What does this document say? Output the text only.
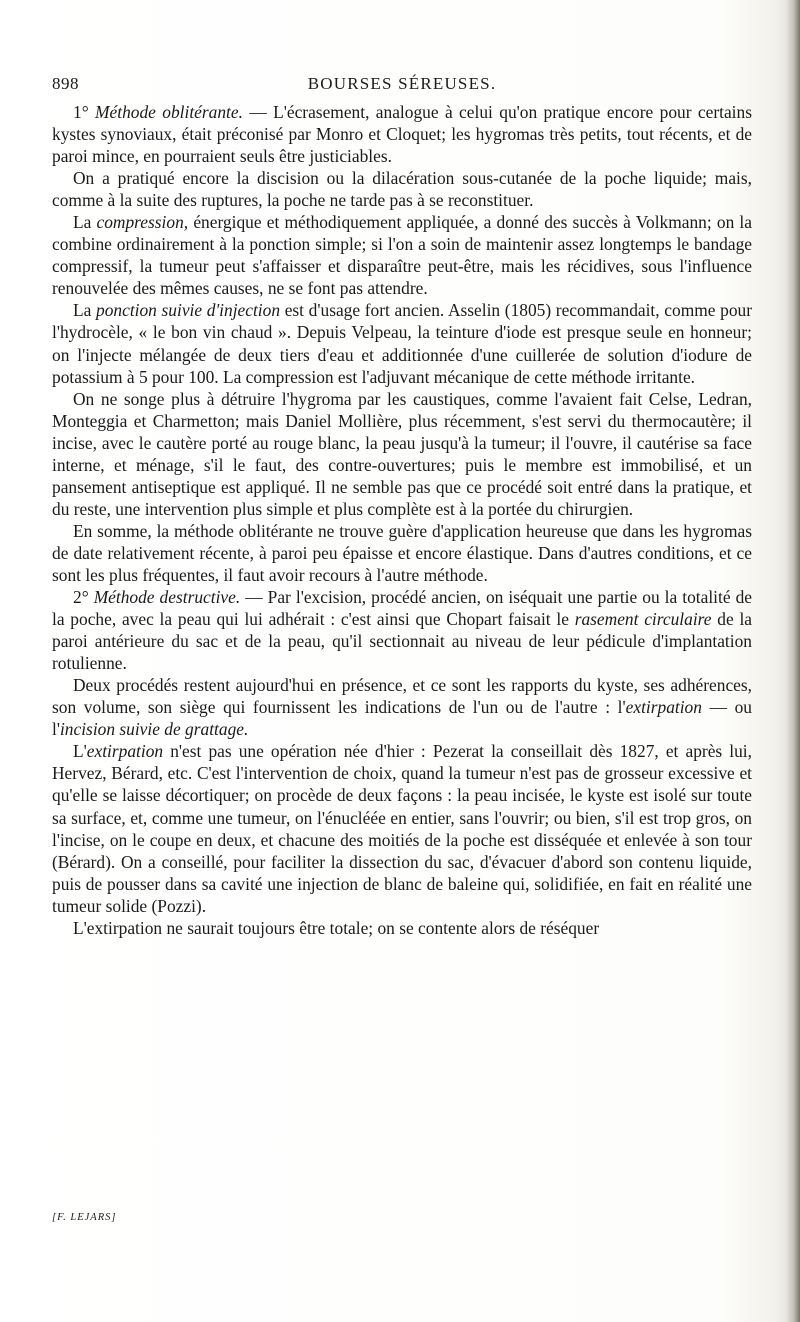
898	BOURSES SÉREUSES.

1° Méthode oblitérante. — L'écrasement, analogue à celui qu'on pratique encore pour certains kystes synoviaux, était préconisé par Monro et Cloquet; les hygromas très petits, tout récents, et de paroi mince, en pourraient seuls être justiciables.

On a pratiqué encore la discision ou la dilacération sous-cutanée de la poche liquide; mais, comme à la suite des ruptures, la poche ne tarde pas à se reconstituer.

La compression, énergique et méthodiquement appliquée, a donné des succès à Volkmann; on la combine ordinairement à la ponction simple; si l'on a soin de maintenir assez longtemps le bandage compressif, la tumeur peut s'affaisser et disparaître peut-être, mais les récidives, sous l'influence renouvelée des mêmes causes, ne se font pas attendre.

La ponction suivie d'injection est d'usage fort ancien. Asselin (1805) recommandait, comme pour l'hydrocèle, « le bon vin chaud ». Depuis Velpeau, la teinture d'iode est presque seule en honneur; on l'injecte mélangée de deux tiers d'eau et additionnée d'une cuillerée de solution d'iodure de potassium à 5 pour 100. La compression est l'adjuvant mécanique de cette méthode irritante.

On ne songe plus à détruire l'hygroma par les caustiques, comme l'avaient fait Celse, Ledran, Monteggia et Charmetton; mais Daniel Mollière, plus récemment, s'est servi du thermocautère; il incise, avec le cautère porté au rouge blanc, la peau jusqu'à la tumeur; il l'ouvre, il cautérise sa face interne, et ménage, s'il le faut, des contre-ouvertures; puis le membre est immobilisé, et un pansement antiseptique est appliqué. Il ne semble pas que ce procédé soit entré dans la pratique, et du reste, une intervention plus simple et plus complète est à la portée du chirurgien.

En somme, la méthode oblitérante ne trouve guère d'application heureuse que dans les hygromas de date relativement récente, à paroi peu épaisse et encore élastique. Dans d'autres conditions, et ce sont les plus fréquentes, il faut avoir recours à l'autre méthode.

2° Méthode destructive. — Par l'excision, procédé ancien, on iséquait une partie ou la totalité de la poche, avec la peau qui lui adhérait : c'est ainsi que Chopart faisait le rasement circulaire de la paroi antérieure du sac et de la peau, qu'il sectionnait au niveau de leur pédicule d'implantation rotulienne.

Deux procédés restent aujourd'hui en présence, et ce sont les rapports du kyste, ses adhérences, son volume, son siège qui fournissent les indications de l'un ou de l'autre : l'extirpation — ou l'incision suivie de grattage.

L'extirpation n'est pas une opération née d'hier : Pezerat la conseillait dès 1827, et après lui, Hervez, Bérard, etc. C'est l'intervention de choix, quand la tumeur n'est pas de grosseur excessive et qu'elle se laisse décortiquer; on procède de deux façons : la peau incisée, le kyste est isolé sur toute sa surface, et, comme une tumeur, on l'énucléée en entier, sans l'ouvrir; ou bien, s'il est trop gros, on l'incise, on le coupe en deux, et chacune des moitiés de la poche est disséquée et enlevée à son tour (Bérard). On a conseillé, pour faciliter la dissection du sac, d'évacuer d'abord son contenu liquide, puis de pousser dans sa cavité une injection de blanc de baleine qui, solidifiée, en fait en réalité une tumeur solide (Pozzi).

L'extirpation ne saurait toujours être totale; on se contente alors de réséquer

[F. LEJARS]
